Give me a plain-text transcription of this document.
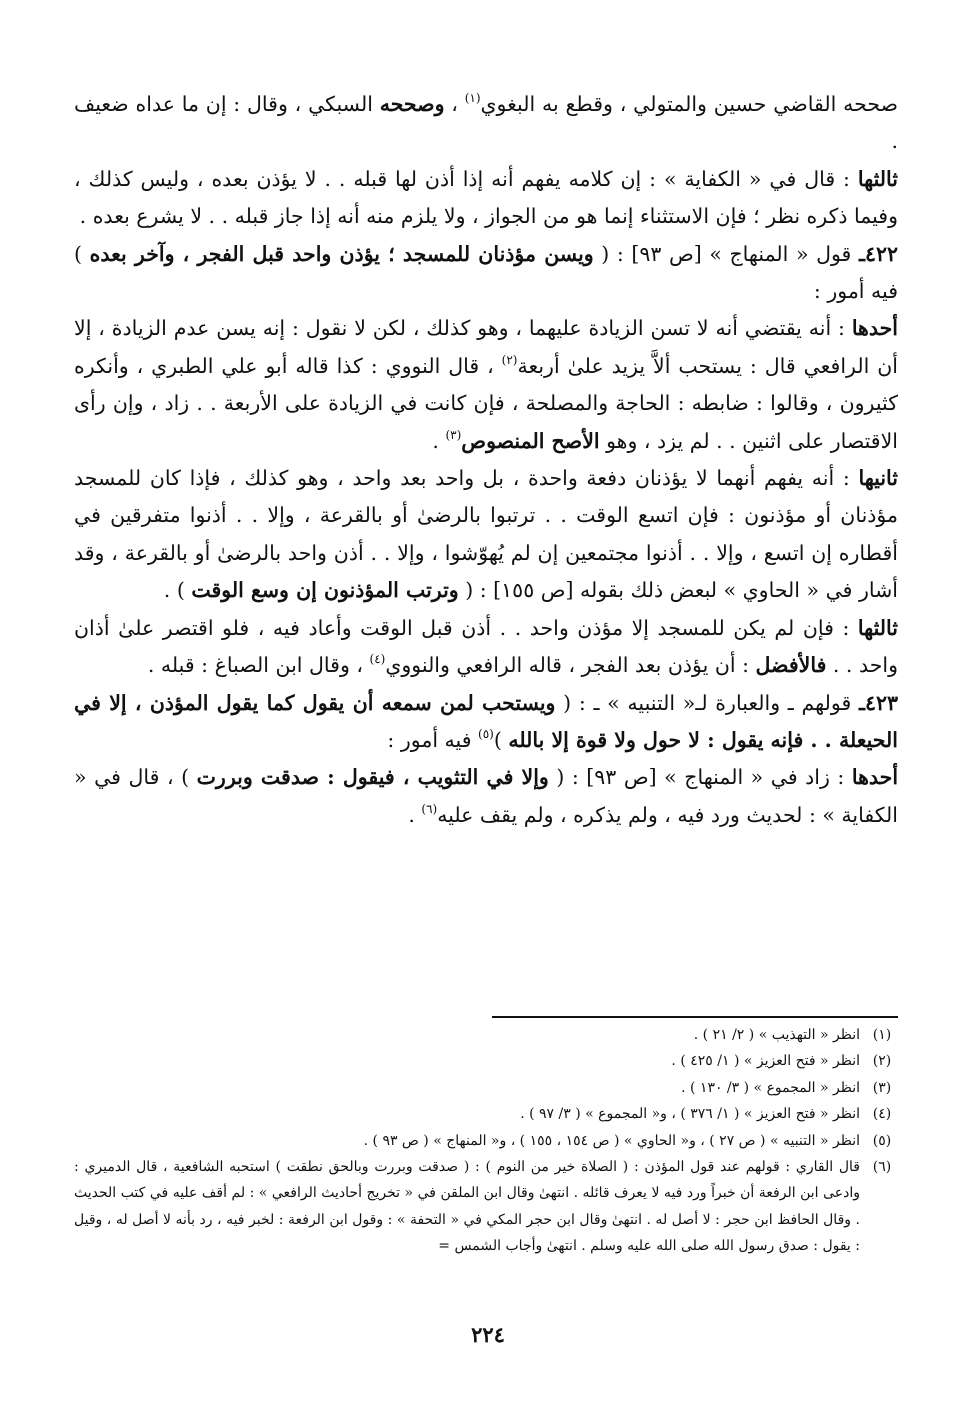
صححه القاضي حسين والمتولي ، وقطع به البغوي$^{(١)}$ ، وصححه السبكي ، وقال : إن ما عداه ضعيف .

ثالثها : قال في « الكفاية » : إن كلامه يفهم أنه إذا أذن لها قبله . . لا يؤذن بعده ، وليس كذلك ، وفيما ذكره نظر ؛ فإن الاستثناء إنما هو من الجواز ، ولا يلزم منه أنه إذا جاز قبله . . لا يشرع بعده .

٤٢٢ـ قول « المنهاج » [ص ٩٣] : ( ويسن مؤذنان للمسجد ؛ يؤذن واحد قبل الفجر ، وآخر بعده ) فيه أمور :

أحدها : أنه يقتضي أنه لا تسن الزيادة عليهما ، وهو كذلك ، لكن لا نقول : إنه يسن عدم الزيادة ، إلا أن الرافعي قال : يستحب ألاَّ يزيد علىٰ أربعة$^{(٢)}$ ، قال النووي : كذا قاله أبو علي الطبري ، وأنكره كثيرون ، وقالوا : ضابطه : الحاجة والمصلحة ، فإن كانت في الزيادة على الأربعة . . زاد ، وإن رأى الاقتصار على اثنين . . لم يزد ، وهو الأصح المنصوص$^{(٣)}$ .

ثانيها : أنه يفهم أنهما لا يؤذنان دفعة واحدة ، بل واحد بعد واحد ، وهو كذلك ، فإذا كان للمسجد مؤذنان أو مؤذنون : فإن اتسع الوقت . . ترتبوا بالرضىٰ أو بالقرعة ، وإلا . . أذنوا متفرقين في أقطاره إن اتسع ، وإلا . . أذنوا مجتمعين إن لم يُهوّشوا ، وإلا . . أذن واحد بالرضىٰ أو بالقرعة ، وقد أشار في « الحاوي » لبعض ذلك بقوله [ص ١٥٥] : ( وترتب المؤذنون إن وسع الوقت ) .

ثالثها : فإن لم يكن للمسجد إلا مؤذن واحد . . أذن قبل الوقت وأعاد فيه ، فلو اقتصر علىٰ أذان واحد . . فالأفضل : أن يؤذن بعد الفجر ، قاله الرافعي والنووي$^{(٤)}$ ، وقال ابن الصباغ : قبله .

٤٢٣ـ قولهم ـ والعبارة لـ« التنبيه » ـ : ( ويستحب لمن سمعه أن يقول كما يقول المؤذن ، إلا في الحيعلة . . فإنه يقول : لا حول ولا قوة إلا بالله )$^{(٥)}$ فيه أمور :

أحدها : زاد في « المنهاج » [ص ٩٣] : ( وإلا في التثويب ، فيقول : صدقت وبررت ) ، قال في « الكفاية » : لحديث ورد فيه ، ولم يذكره ، ولم يقف عليه$^{(٦)}$ .

(١)
انظر « التهذيب » ( ٢/ ٢١ ) .
(٢)
انظر « فتح العزيز » ( ١/ ٤٢٥ ) .
(٣)
انظر « المجموع » ( ٣/ ١٣٠ ) .
(٤)
انظر « فتح العزيز » ( ١/ ٣٧٦ ) ، و« المجموع » ( ٣/ ٩٧ ) .
(٥)
انظر « التنبيه » ( ص ٢٧ ) ، و« الحاوي » ( ص ١٥٤ ، ١٥٥ ) ، و« المنهاج » ( ص ٩٣ ) .
(٦)
قال القاري : قولهم عند قول المؤذن : ( الصلاة خير من النوم ) : ( صدقت وبررت وبالحق نطقت ) استحبه الشافعية ، قال الدميري : وادعى ابن الرفعة أن خبراً ورد فيه لا يعرف قائله . انتهىٰ وقال ابن الملقن في « تخريج أحاديث الرافعي » : لم أقف عليه في كتب الحديث . وقال الحافظ ابن حجر : لا أصل له . انتهىٰ وقال ابن حجر المكي في « التحفة » : وقول ابن الرفعة : لخبر فيه ، رد بأنه لا أصل له ، وقيل : يقول : صدق رسول الله صلى الله عليه وسلم . انتهىٰ وأجاب الشمس =
٢٢٤
